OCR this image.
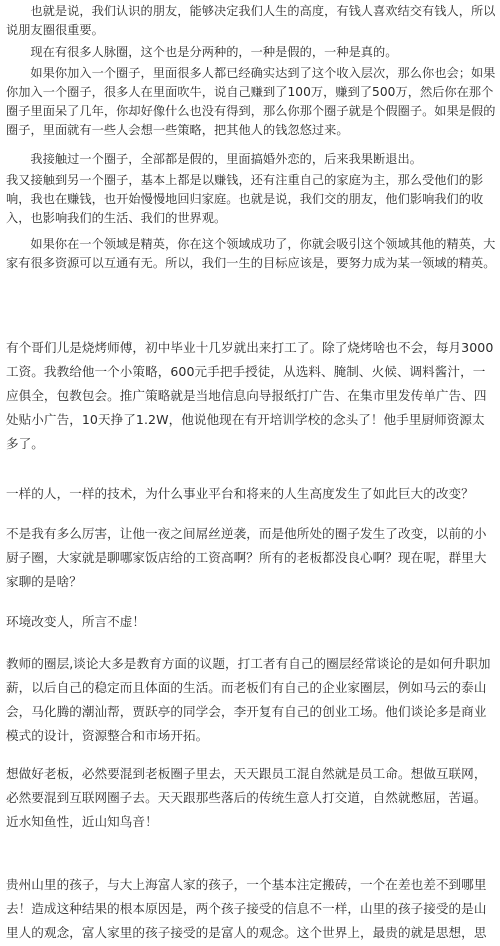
也就是说，我们认识的朋友，能够决定我们人生的高度，有钱人喜欢结交有钱人，所以说朋友圈很重要。

现在有很多人脉圈，这个也是分两种的，一种是假的，一种是真的。

如果你加入一个圈子，里面很多人都已经确实达到了这个收入层次，那么你也会；如果你加入一个圈子，很多人在里面吹牛，说自己赚到了100万，赚到了500万，然后你在那个圈子里面呆了几年，你却好像什么也没有得到，那么你那个圈子就是个假圈子。如果是假的圈子，里面就有一些人会想一些策略，把其他人的钱忽悠过来。

我接触过一个圈子，全部都是假的，里面搞婚外恋的，后来我果断退出。

我又接触到另一个圈子，基本上都是以赚钱，还有注重自己的家庭为主，那么受他们的影响，我也在赚钱，也开始慢慢地回归家庭。也就是说，我们交的朋友，他们影响我们的收入，也影响我们的生活、我们的世界观。

如果你在一个领域是精英，你在这个领域成功了，你就会吸引这个领域其他的精英，大家有很多资源可以互通有无。所以，我们一生的目标应该是，要努力成为某一领域的精英。

有个哥们儿是烧烤师傅，初中毕业十几岁就出来打工了。除了烧烤啥也不会，每月3000工资。我教给他一个小策略，600元手把手授徒，从选料、腌制、火候、调料酱汁，一应俱全，包教包会。推广策略就是当地信息向导报纸打广告、在集市里发传单广告、四处贴小广告，10天挣了1.2W，他说他现在有开培训学校的念头了！他手里厨师资源太多了。

一样的人，一样的技术，为什么事业平台和将来的人生高度发生了如此巨大的改变？

不是我有多么厉害，让他一夜之间屌丝逆袭，而是他所处的圈子发生了改变，以前的小厨子圈，大家就是聊哪家饭店给的工资高啊？所有的老板都没良心啊？现在呢，群里大家聊的是啥？

环境改变人，所言不虚！

教师的圈层,谈论大多是教育方面的议题，打工者有自己的圈层经常谈论的是如何升职加薪，以后自己的稳定而且体面的生活。而老板们有自己的企业家圈层，例如马云的泰山会，马化腾的潮汕帮，贾跃亭的同学会，李开复有自己的创业工场。他们谈论多是商业模式的设计，资源整合和市场开拓。

想做好老板，必然要混到老板圈子里去，天天跟员工混自然就是员工命。想做互联网，必然要混到互联网圈子去。天天跟那些落后的传统生意人打交道，自然就憋屈，苦逼。近水知鱼性，近山知鸟音！

贵州山里的孩子，与大上海富人家的孩子，一个基本注定搬砖，一个在差也差不到哪里去！造成这种结果的根本原因是，两个孩子接受的信息不一样，山里的孩子接受的是山里人的观念，富人家里的孩子接受的是富人的观念。这个世界上，最贵的就是思想，思
